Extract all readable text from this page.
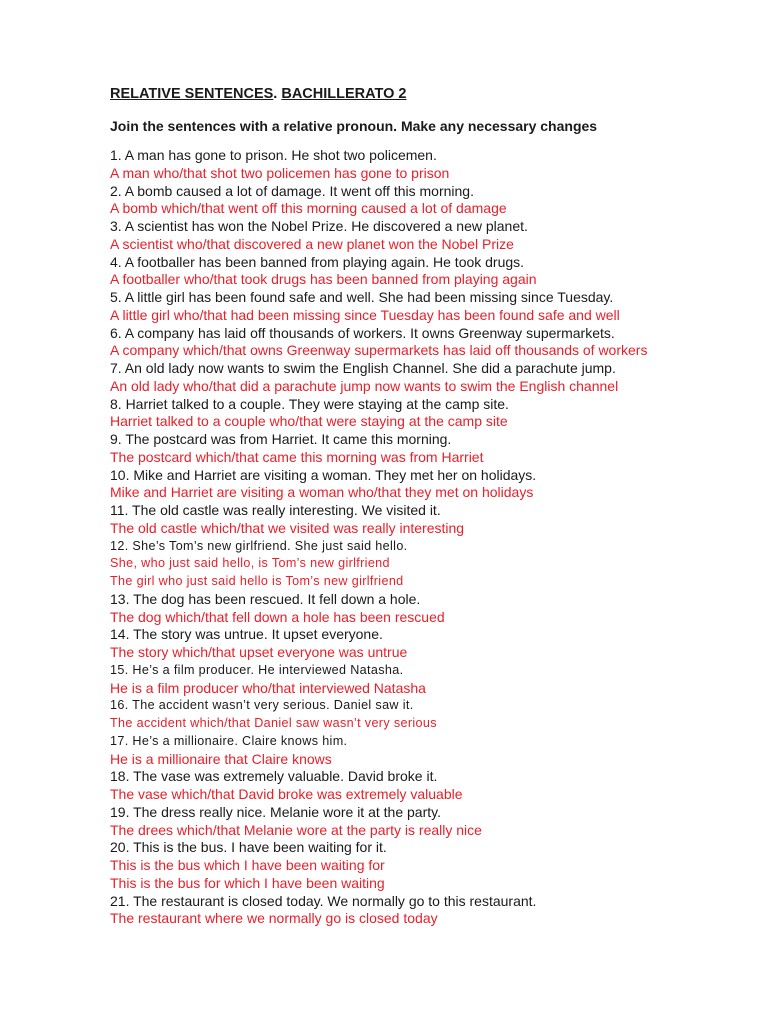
RELATIVE SENTENCES. BACHILLERATO 2
Join the sentences with a relative pronoun. Make any necessary changes
1. A man has gone to prison. He shot two policemen.
A man who/that shot two policemen has gone to prison
2. A bomb caused a lot of damage. It went off this morning.
A bomb which/that went off this morning caused a lot of damage
3. A scientist has won the Nobel Prize. He discovered a new planet.
A scientist who/that discovered a new planet won the Nobel Prize
4. A footballer has been banned from playing again. He took drugs.
A footballer who/that took drugs has been banned from playing again
5. A little girl has been found safe and well. She had been missing since Tuesday.
A little girl who/that had been missing since Tuesday has been found safe and well
6. A company has laid off thousands of workers. It owns Greenway supermarkets.
A company which/that owns Greenway supermarkets has laid off thousands of workers
7. An old lady now wants to swim the English Channel. She did a parachute jump.
An old lady who/that did a parachute jump now wants to swim the English channel
8. Harriet talked to a couple. They were staying at the camp site.
Harriet talked to a couple who/that were staying at the camp site
9. The postcard was from Harriet. It came this morning.
The postcard which/that came this morning was from Harriet
10. Mike and Harriet are visiting a woman. They met her on holidays.
Mike and Harriet are visiting a woman who/that they met on holidays
11. The old castle was really interesting. We visited it.
The old castle which/that we visited was really interesting
12. She’s Tom’s new girlfriend. She just said hello.
She, who just said hello, is Tom’s new girlfriend
The girl who just said hello is Tom’s new girlfriend
13. The dog has been rescued. It fell down a hole.
The dog which/that fell down a hole has been rescued
14. The story was untrue. It upset everyone.
The story which/that upset everyone was untrue
15. He’s a film producer. He interviewed Natasha.
He is a film producer who/that interviewed Natasha
16. The accident wasn’t very serious. Daniel saw it.
The accident which/that Daniel saw wasn’t very serious
17. He’s a millionaire. Claire knows him.
He is a millionaire that Claire knows
18. The vase was extremely valuable. David broke it.
The vase which/that David broke was extremely valuable
19. The dress really nice. Melanie wore it at the party.
The drees which/that Melanie wore at the party is really nice
20. This is the bus. I have been waiting for it.
This is the bus which I have been waiting for
This is the bus for which I have been waiting
21. The restaurant is closed today. We normally go to this restaurant.
The restaurant where we normally go is closed today
